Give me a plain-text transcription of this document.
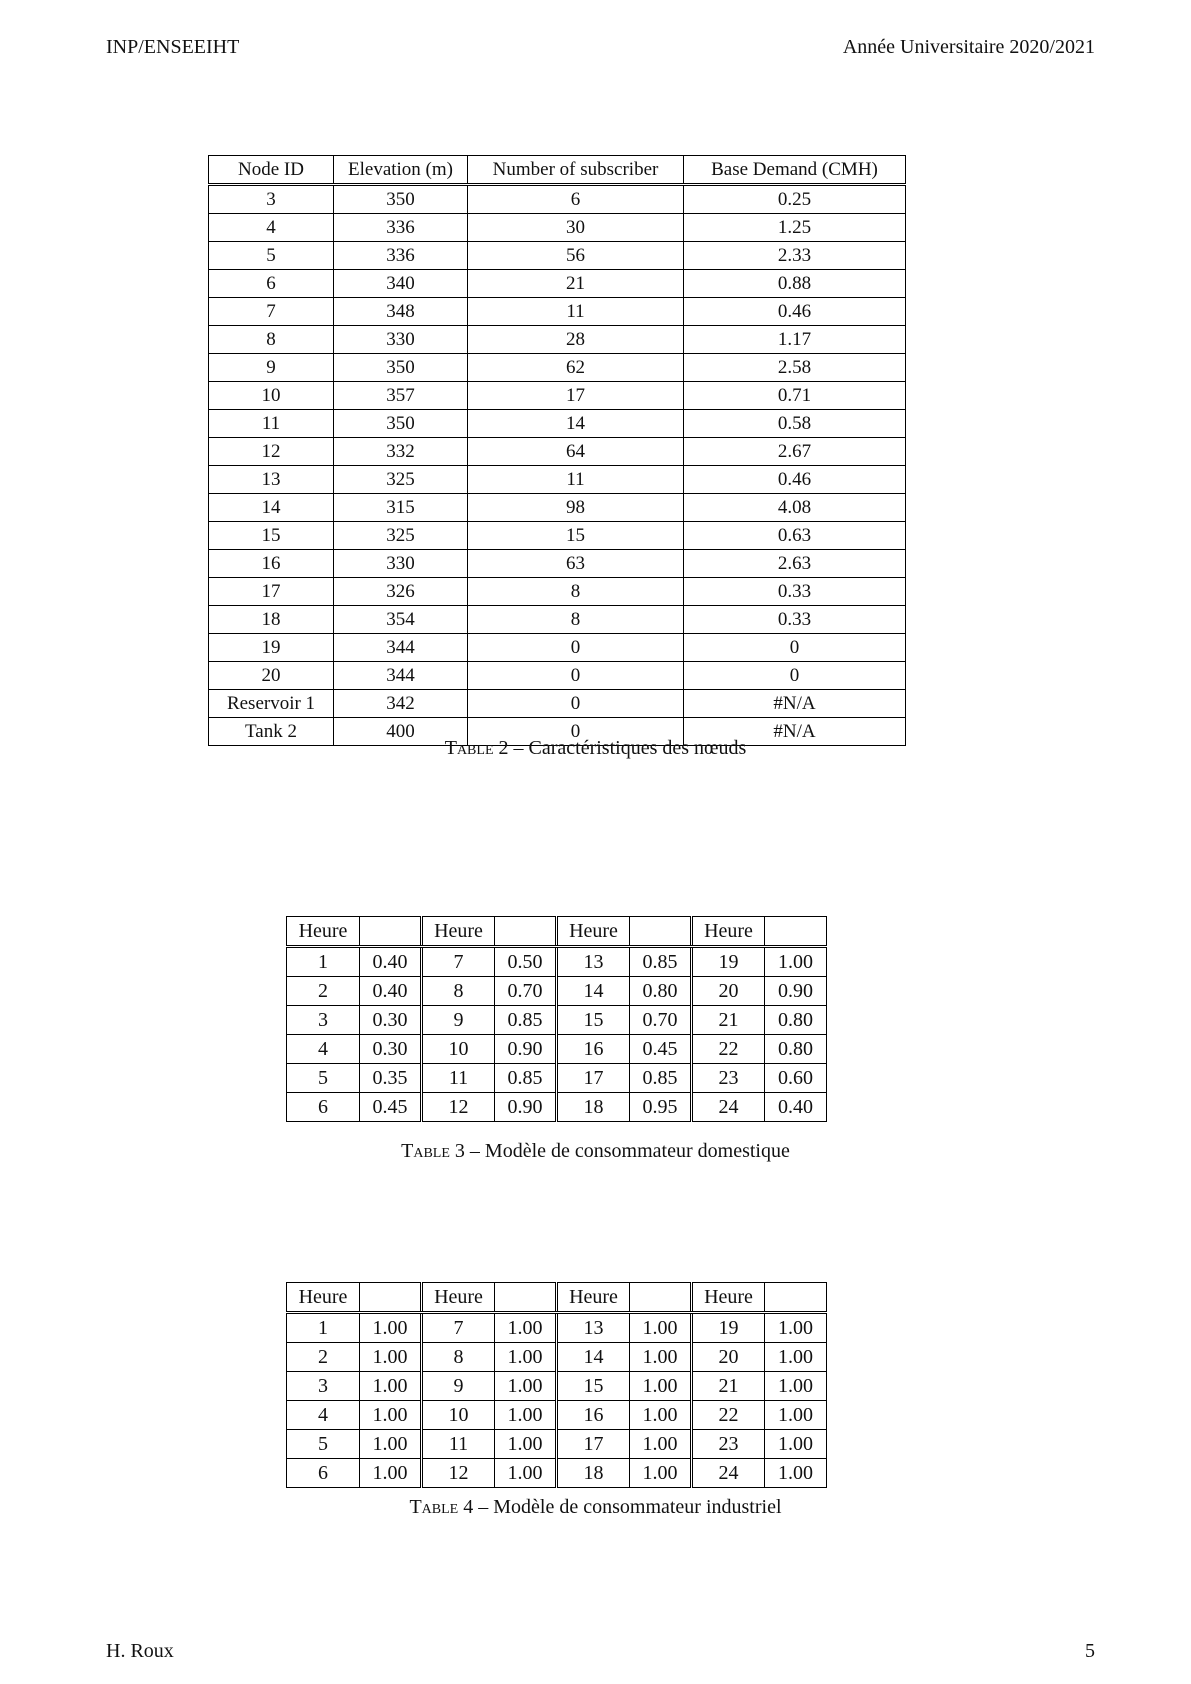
INP/ENSEEIHT	Année Universitaire 2020/2021
Node ID	Elevation (m)	Number of subscriber	Base Demand (CMH)
3	350	6	0.25
4	336	30	1.25
5	336	56	2.33
6	340	21	0.88
7	348	11	0.46
8	330	28	1.17
9	350	62	2.58
10	357	17	0.71
11	350	14	0.58
12	332	64	2.67
13	325	11	0.46
14	315	98	4.08
15	325	15	0.63
16	330	63	2.63
17	326	8	0.33
18	354	8	0.33
19	344	0	0
20	344	0	0
Reservoir 1	342	0	#N/A
Tank 2	400	0	#N/A
Table 2 – Caractéristiques des nœuds
Heure		Heure		Heure		Heure	
1	0.40	7	0.50	13	0.85	19	1.00
2	0.40	8	0.70	14	0.80	20	0.90
3	0.30	9	0.85	15	0.70	21	0.80
4	0.30	10	0.90	16	0.45	22	0.80
5	0.35	11	0.85	17	0.85	23	0.60
6	0.45	12	0.90	18	0.95	24	0.40
Table 3 – Modèle de consommateur domestique
Heure		Heure		Heure		Heure	
1	1.00	7	1.00	13	1.00	19	1.00
2	1.00	8	1.00	14	1.00	20	1.00
3	1.00	9	1.00	15	1.00	21	1.00
4	1.00	10	1.00	16	1.00	22	1.00
5	1.00	11	1.00	17	1.00	23	1.00
6	1.00	12	1.00	18	1.00	24	1.00
Table 4 – Modèle de consommateur industriel
H. Roux	5
